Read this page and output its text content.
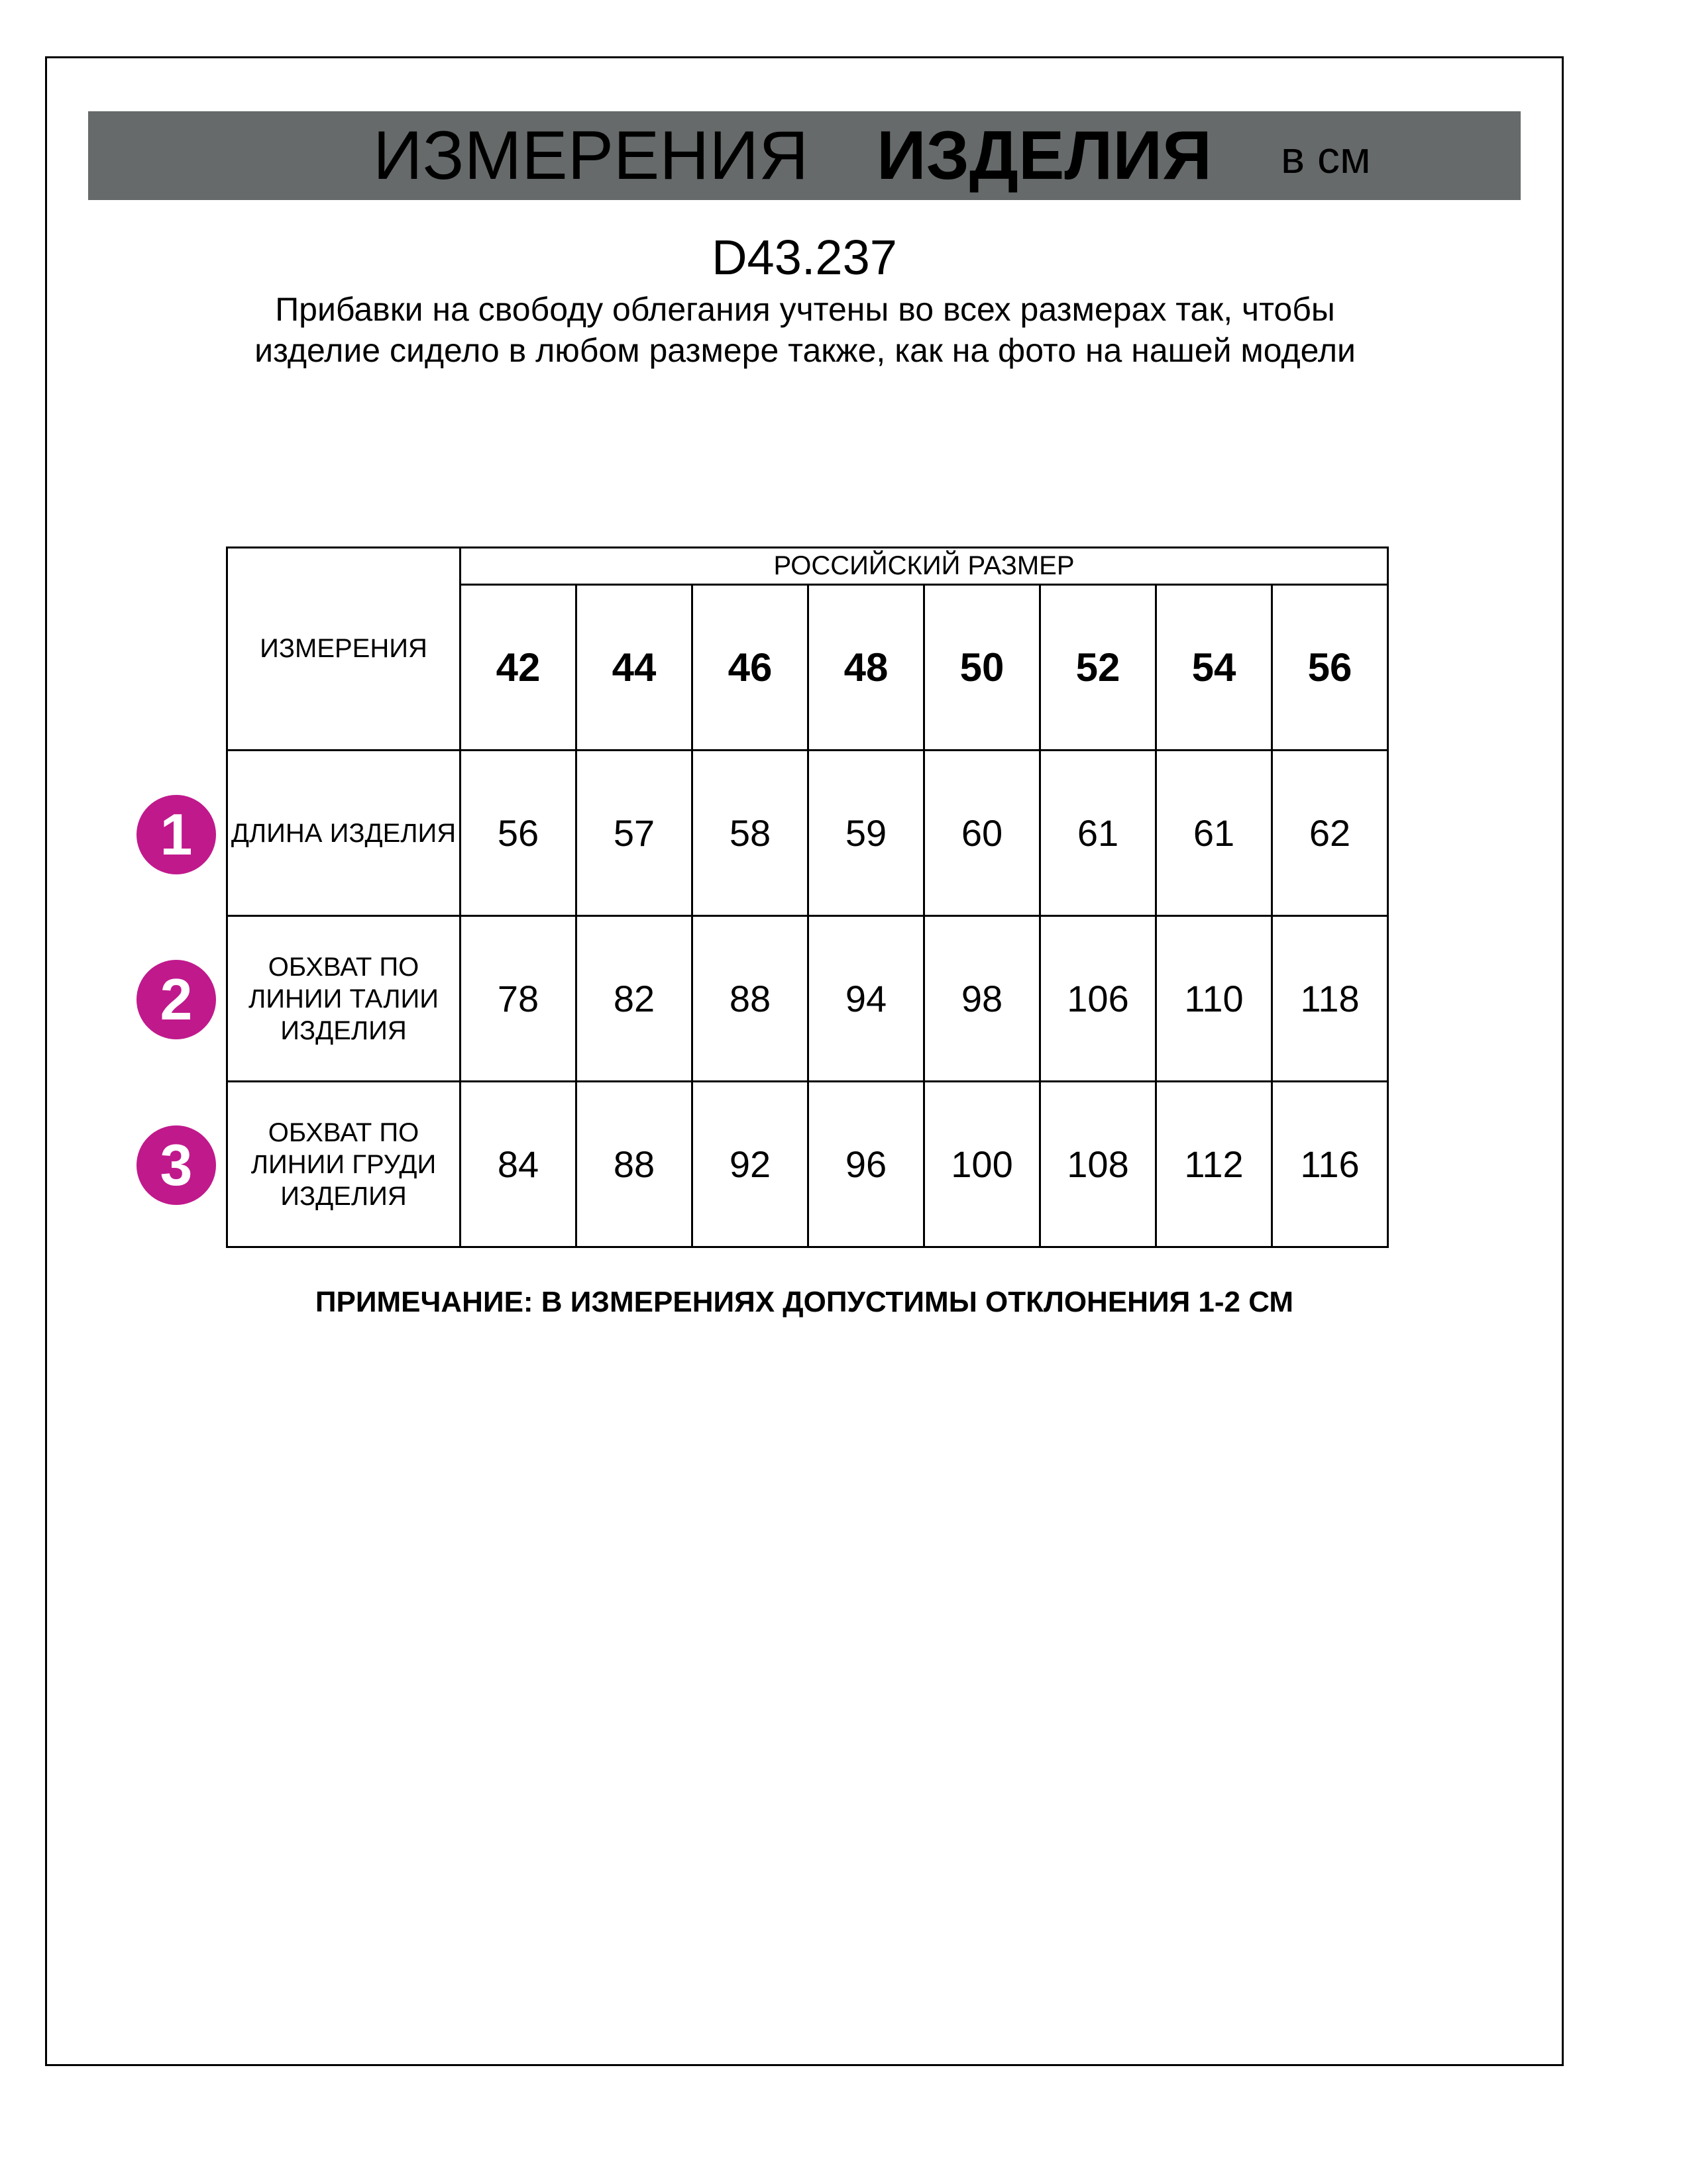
ИЗМЕРЕНИЯ ИЗДЕЛИЯ в см
D43.237
Прибавки на свободу облегания учтены во всех размерах так, чтобы изделие сидело в любом размере также, как на фото на нашей модели
ИЗМЕРЕНИЯ	РОССИЙСКИЙ РАЗМЕР							
	42	44	46	48	50	52	54	56
ДЛИНА ИЗДЕЛИЯ	56	57	58	59	60	61	61	62
ОБХВАТ ПО ЛИНИИ ТАЛИИ ИЗДЕЛИЯ	78	82	88	94	98	106	110	118
ОБХВАТ ПО ЛИНИИ ГРУДИ ИЗДЕЛИЯ	84	88	92	96	100	108	112	116
1
2
3
ПРИМЕЧАНИЕ: В ИЗМЕРЕНИЯХ ДОПУСТИМЫ ОТКЛОНЕНИЯ 1-2 СМ
